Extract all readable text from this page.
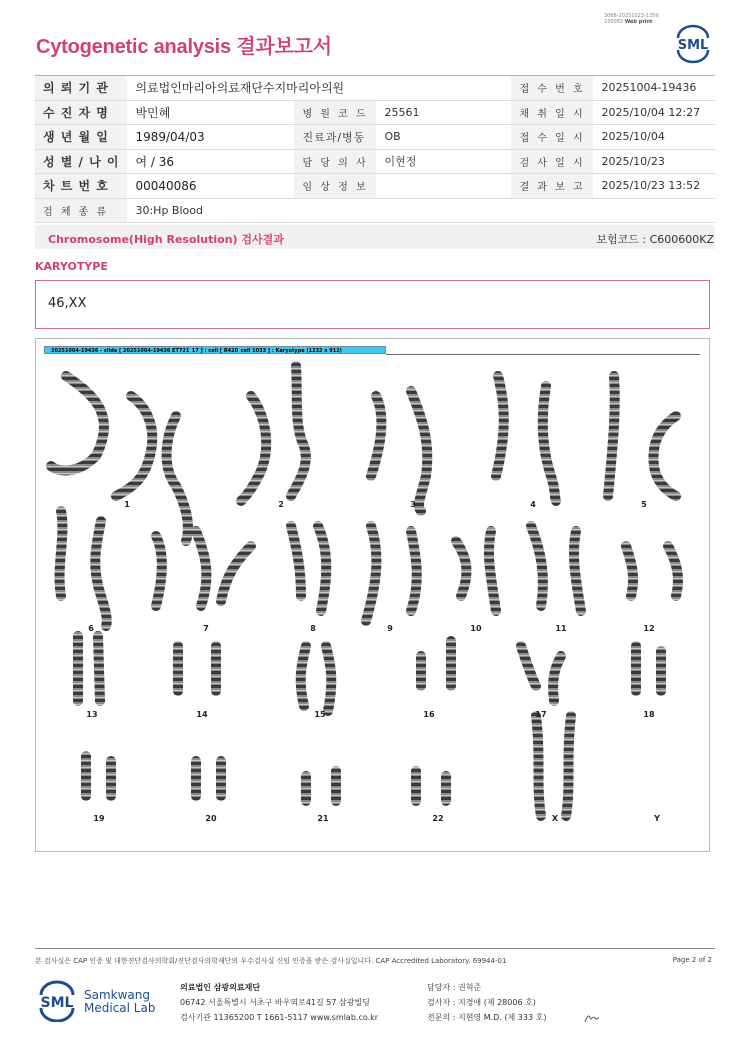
Cytogenetic analysis 결과보고서
3068-20251023-1359
230083 Web print
SML
의 뢰 기 관	의료법인마리아의료재단수지마리아의원			접 수 번 호	20251004-19436
수 진 자 명	박민혜	병 원 코 드	25561	채 취 일 시	2025/10/04 12:27
생 년 월 일	1989/04/03	진료과/병동	OB	접 수 일 시	2025/10/04
성 별 / 나 이	여 / 36	담 당 의 사	이현정	검 사 일 시	2025/10/23
차 트 번 호	00040086	임 상 정 보		결 과 보 고	2025/10/23 13:52
검 체 종 류	30:Hp Blood				
Chromosome(High Resolution) 검사결과	보험코드 : C600600KZ
KARYOTYPE
46,XX
20251004-19436 - slide [ 20251004-19436 ET721_17 ] : cell [ R420_cell 1033 ] : Karyotype (1232 x 912)
1	2	3	4	5
6	7	8	9	10	11	12
13	14	15	16	17	18
19	20	21	22	X	Y
본 검사실은 CAP 인증 및 대한진단검사의학회/진단검사의학재단의 우수검사실 신임 인증을 받은 검사실입니다. CAP Accredited Laboratory. 69944-01	Page 2 of 2
SML Samkwang
Medical Lab
의료법인 삼광의료재단
06742 서울특별시 서초구 바우뫼로41길 57 삼광빌딩
검사기관 11365200 T 1661-5117 www.smlab.co.kr
담당자 : 권혁준
검사자 : 지경애 (제 28006 호)
전문의 : 지현영 M.D. (제 333 호)
